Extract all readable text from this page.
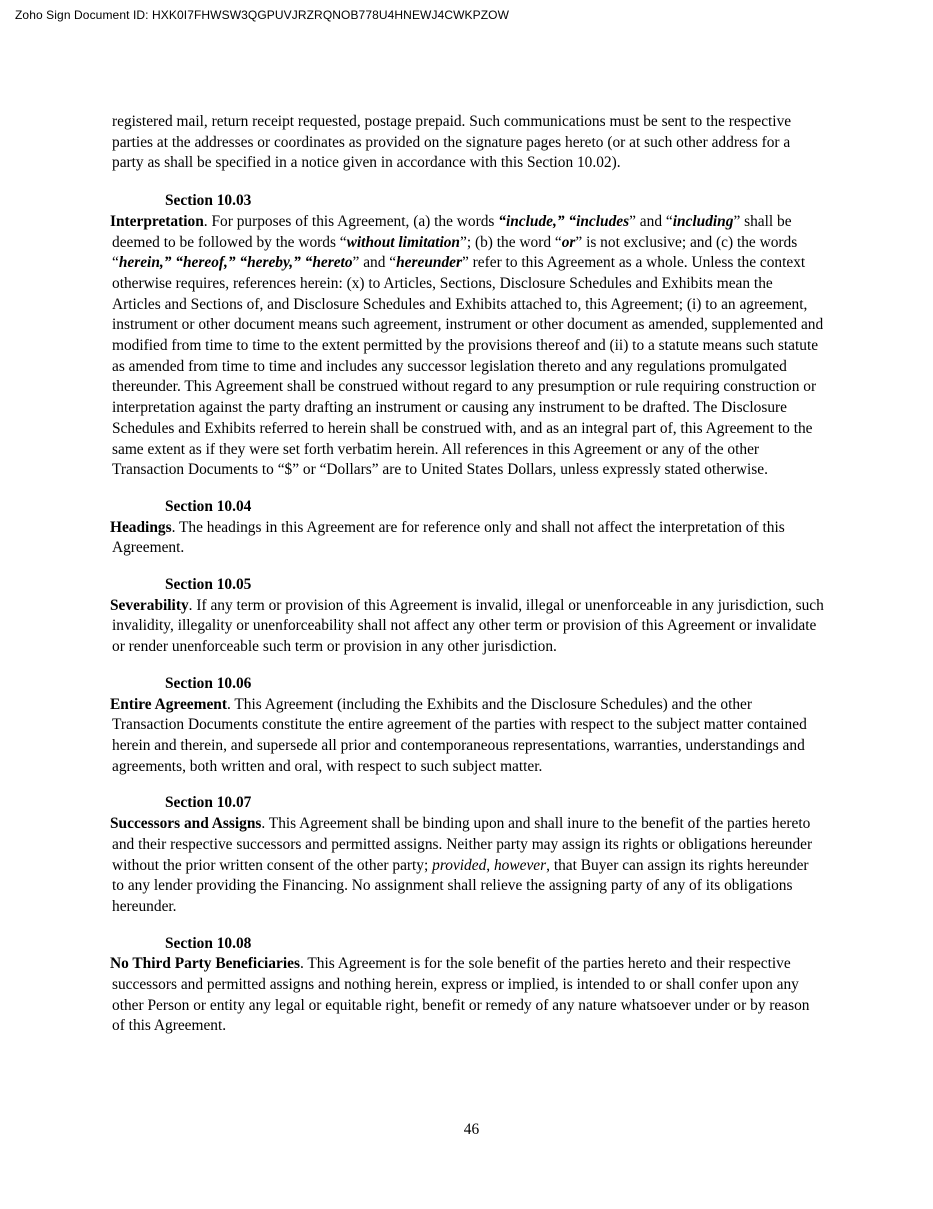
Zoho Sign Document ID: HXK0I7FHWSW3QGPUVJRZRQNOB778U4HNEWJ4CWKPZOW

registered mail, return receipt requested, postage prepaid. Such communications must be sent to the respective parties at the addresses or coordinates as provided on the signature pages hereto (or at such other address for a party as shall be specified in a notice given in accordance with this Section 10.02).

Section 10.03

Interpretation. For purposes of this Agreement, (a) the words “include,” “includes” and “including” shall be deemed to be followed by the words “without limitation”; (b) the word “or” is not exclusive; and (c) the words “herein,” “hereof,” “hereby,” “hereto” and “hereunder” refer to this Agreement as a whole. Unless the context otherwise requires, references herein: (x) to Articles, Sections, Disclosure Schedules and Exhibits mean the Articles and Sections of, and Disclosure Schedules and Exhibits attached to, this Agreement; (i) to an agreement, instrument or other document means such agreement, instrument or other document as amended, supplemented and modified from time to time to the extent permitted by the provisions thereof and (ii) to a statute means such statute as amended from time to time and includes any successor legislation thereto and any regulations promulgated thereunder. This Agreement shall be construed without regard to any presumption or rule requiring construction or interpretation against the party drafting an instrument or causing any instrument to be drafted. The Disclosure Schedules and Exhibits referred to herein shall be construed with, and as an integral part of, this Agreement to the same extent as if they were set forth verbatim herein. All references in this Agreement or any of the other Transaction Documents to “$” or “Dollars” are to United States Dollars, unless expressly stated otherwise.

Section 10.04

Headings. The headings in this Agreement are for reference only and shall not affect the interpretation of this Agreement.

Section 10.05

Severability. If any term or provision of this Agreement is invalid, illegal or unenforceable in any jurisdiction, such invalidity, illegality or unenforceability shall not affect any other term or provision of this Agreement or invalidate or render unenforceable such term or provision in any other jurisdiction.

Section 10.06

Entire Agreement. This Agreement (including the Exhibits and the Disclosure Schedules) and the other Transaction Documents constitute the entire agreement of the parties with respect to the subject matter contained herein and therein, and supersede all prior and contemporaneous representations, warranties, understandings and agreements, both written and oral, with respect to such subject matter.

Section 10.07

Successors and Assigns. This Agreement shall be binding upon and shall inure to the benefit of the parties hereto and their respective successors and permitted assigns. Neither party may assign its rights or obligations hereunder without the prior written consent of the other party; provided, however, that Buyer can assign its rights hereunder to any lender providing the Financing. No assignment shall relieve the assigning party of any of its obligations hereunder.

Section 10.08

No Third Party Beneficiaries. This Agreement is for the sole benefit of the parties hereto and their respective successors and permitted assigns and nothing herein, express or implied, is intended to or shall confer upon any other Person or entity any legal or equitable right, benefit or remedy of any nature whatsoever under or by reason of this Agreement.

46
